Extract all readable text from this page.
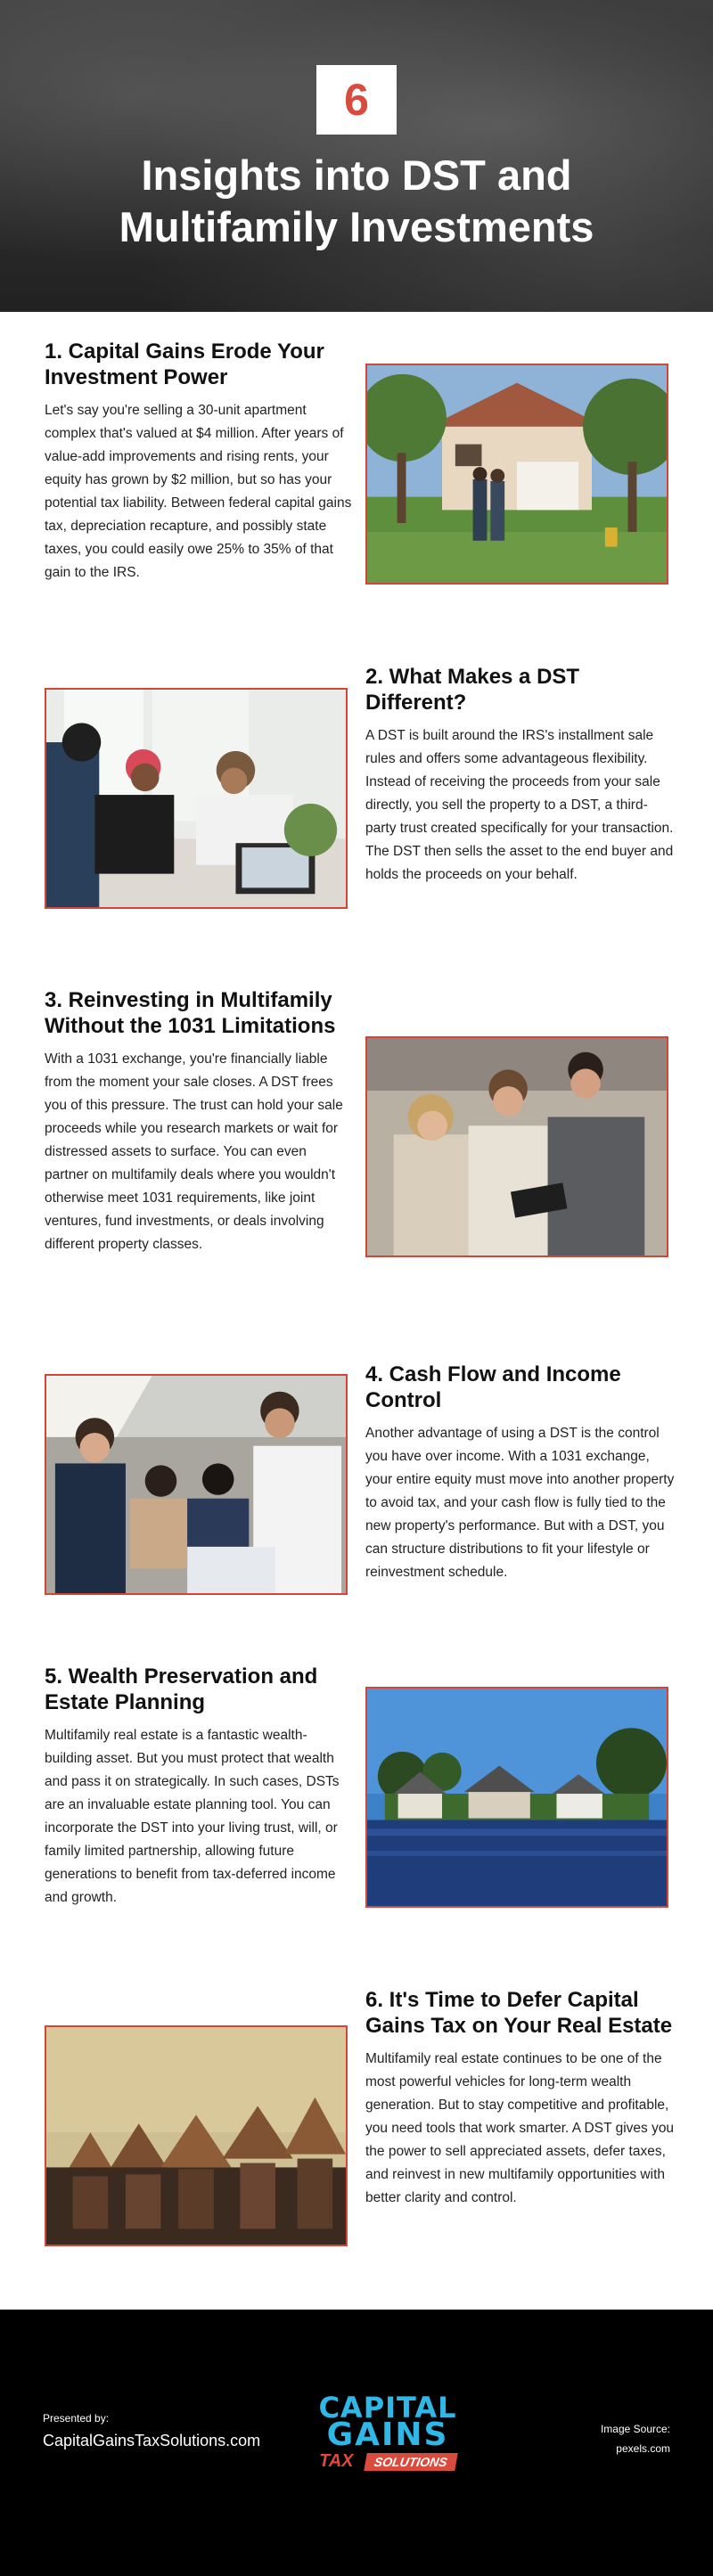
6
Insights into DST and
Multifamily Investments
1. Capital Gains Erode Your Investment Power
Let's say you're selling a 30-unit apartment complex that's valued at $4 million. After years of value-add improvements and rising rents, your equity has grown by $2 million, but so has your potential tax liability. Between federal capital gains tax, depreciation recapture, and possibly state taxes, you could easily owe 25% to 35% of that gain to the IRS.
2. What Makes a DST Different?
A DST is built around the IRS's installment sale rules and offers some advantageous flexibility. Instead of receiving the proceeds from your sale directly, you sell the property to a DST, a third-party trust created specifically for your transaction. The DST then sells the asset to the end buyer and holds the proceeds on your behalf.
3. Reinvesting in Multifamily Without the 1031 Limitations
With a 1031 exchange, you're financially liable from the moment your sale closes. A DST frees you of this pressure. The trust can hold your sale proceeds while you research markets or wait for distressed assets to surface. You can even partner on multifamily deals where you wouldn't otherwise meet 1031 requirements, like joint ventures, fund investments, or deals involving different property classes.
4. Cash Flow and Income Control
Another advantage of using a DST is the control you have over income. With a 1031 exchange, your entire equity must move into another property to avoid tax, and your cash flow is fully tied to the new property's performance. But with a DST, you can structure distributions to fit your lifestyle or reinvestment schedule.
5. Wealth Preservation and Estate Planning
Multifamily real estate is a fantastic wealth-building asset. But you must protect that wealth and pass it on strategically. In such cases, DSTs are an invaluable estate planning tool. You can incorporate the DST into your living trust, will, or family limited partnership, allowing future generations to benefit from tax-deferred income and growth.
6. It's Time to Defer Capital Gains Tax on Your Real Estate
Multifamily real estate continues to be one of the most powerful vehicles for long-term wealth generation. But to stay competitive and profitable, you need tools that work smarter. A DST gives you the power to sell appreciated assets, defer taxes, and reinvest in new multifamily opportunities with better clarity and control.
Presented by:
CapitalGainsTaxSolutions.com
CAPITAL
GAINS
TAX	SOLUTIONS
Image Source:
pexels.com
